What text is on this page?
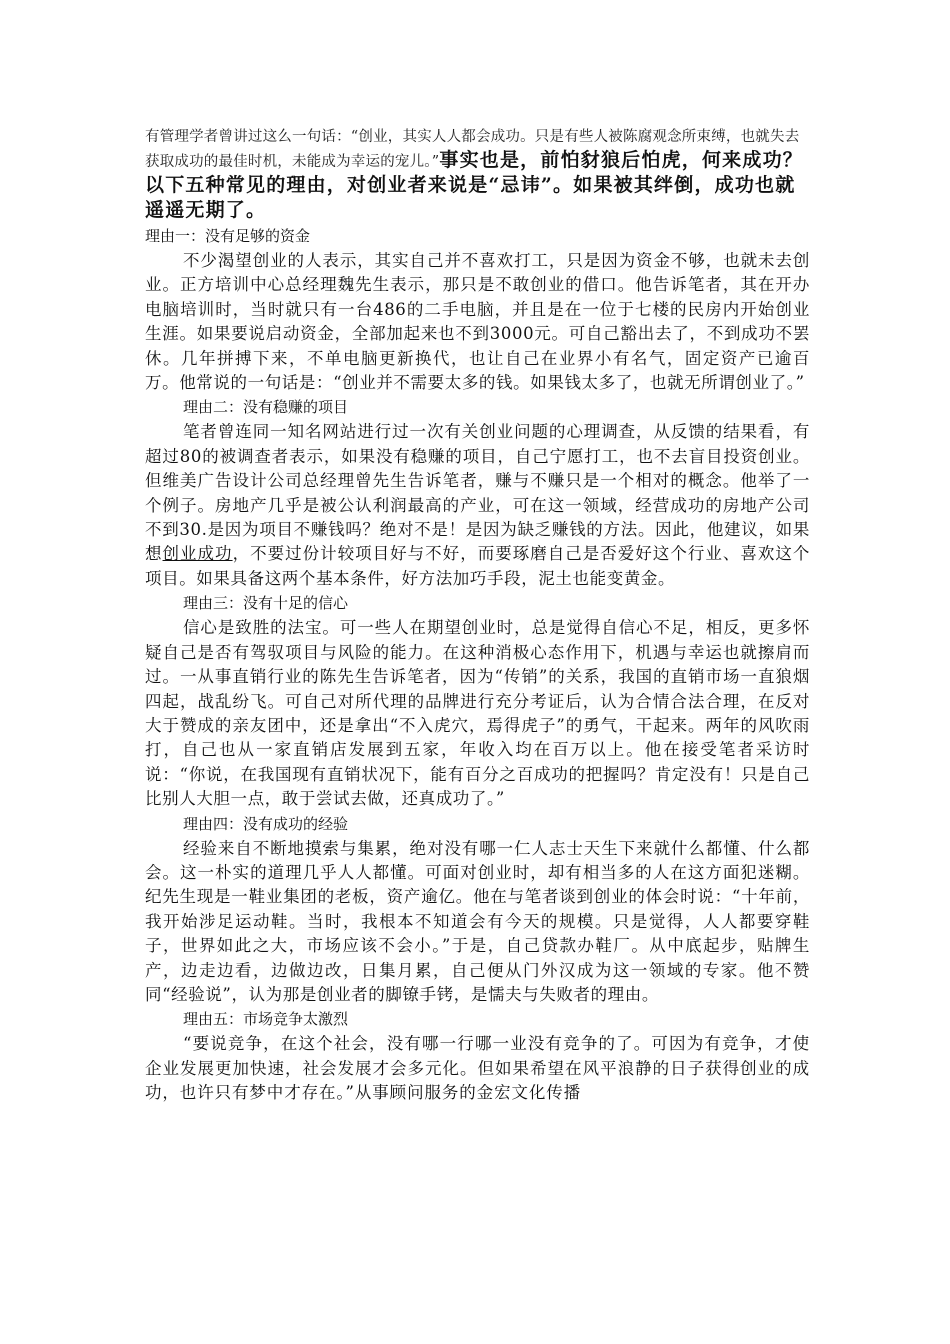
有管理学者曾讲过这么一句话：“创业，其实人人都会成功。只是有些人被陈腐观念所束缚，也就失去获取成功的最佳时机，未能成为幸运的宠儿。”事实也是，前怕豺狼后怕虎，何来成功？以下五种常见的理由，对创业者来说是“忌讳”。如果被其绊倒，成功也就遥遥无期了。
理由一：没有足够的资金

不少渴望创业的人表示，其实自己并不喜欢打工，只是因为资金不够，也就未去创业。正方培训中心总经理魏先生表示，那只是不敢创业的借口。他告诉笔者，其在开办电脑培训时，当时就只有一台486的二手电脑，并且是在一位于七楼的民房内开始创业生涯。如果要说启动资金，全部加起来也不到3000元。可自己豁出去了，不到成功不罢休。几年拼搏下来，不单电脑更新换代，也让自己在业界小有名气，固定资产已逾百万。他常说的一句话是：“创业并不需要太多的钱。如果钱太多了，也就无所谓创业了。”

理由二：没有稳赚的项目

笔者曾连同一知名网站进行过一次有关创业问题的心理调查，从反馈的结果看，有超过80的被调查者表示，如果没有稳赚的项目，自己宁愿打工，也不去盲目投资创业。但维美广告设计公司总经理曾先生告诉笔者，赚与不赚只是一个相对的概念。他举了一个例子。房地产几乎是被公认利润最高的产业，可在这一领域，经营成功的房地产公司不到30.是因为项目不赚钱吗？绝对不是！是因为缺乏赚钱的方法。因此，他建议，如果想创业成功，不要过份计较项目好与不好，而要琢磨自己是否爱好这个行业、喜欢这个项目。如果具备这两个基本条件，好方法加巧手段，泥土也能变黄金。

理由三：没有十足的信心

信心是致胜的法宝。可一些人在期望创业时，总是觉得自信心不足，相反，更多怀疑自己是否有驾驭项目与风险的能力。在这种消极心态作用下，机遇与幸运也就擦肩而过。一从事直销行业的陈先生告诉笔者，因为“传销”的关系，我国的直销市场一直狼烟四起，战乱纷飞。可自己对所代理的品牌进行充分考证后，认为合情合法合理，在反对大于赞成的亲友团中，还是拿出“不入虎穴，焉得虎子”的勇气，干起来。两年的风吹雨打，自己也从一家直销店发展到五家，年收入均在百万以上。他在接受笔者采访时说：“你说，在我国现有直销状况下，能有百分之百成功的把握吗？肯定没有！只是自己比别人大胆一点，敢于尝试去做，还真成功了。”

理由四：没有成功的经验

经验来自不断地摸索与集累，绝对没有哪一仁人志士天生下来就什么都懂、什么都会。这一朴实的道理几乎人人都懂。可面对创业时，却有相当多的人在这方面犯迷糊。纪先生现是一鞋业集团的老板，资产逾亿。他在与笔者谈到创业的体会时说：“十年前，我开始涉足运动鞋。当时，我根本不知道会有今天的规模。只是觉得，人人都要穿鞋子，世界如此之大，市场应该不会小。”于是，自己贷款办鞋厂。从中底起步，贴牌生产，边走边看，边做边改，日集月累，自己便从门外汉成为这一领域的专家。他不赞同“经验说”，认为那是创业者的脚镣手铐，是懦夫与失败者的理由。

理由五：市场竞争太激烈

“要说竞争，在这个社会，没有哪一行哪一业没有竞争的了。可因为有竞争，才使企业发展更加快速，社会发展才会多元化。但如果希望在风平浪静的日子获得创业的成功，也许只有梦中才存在。”从事顾问服务的金宏文化传播
